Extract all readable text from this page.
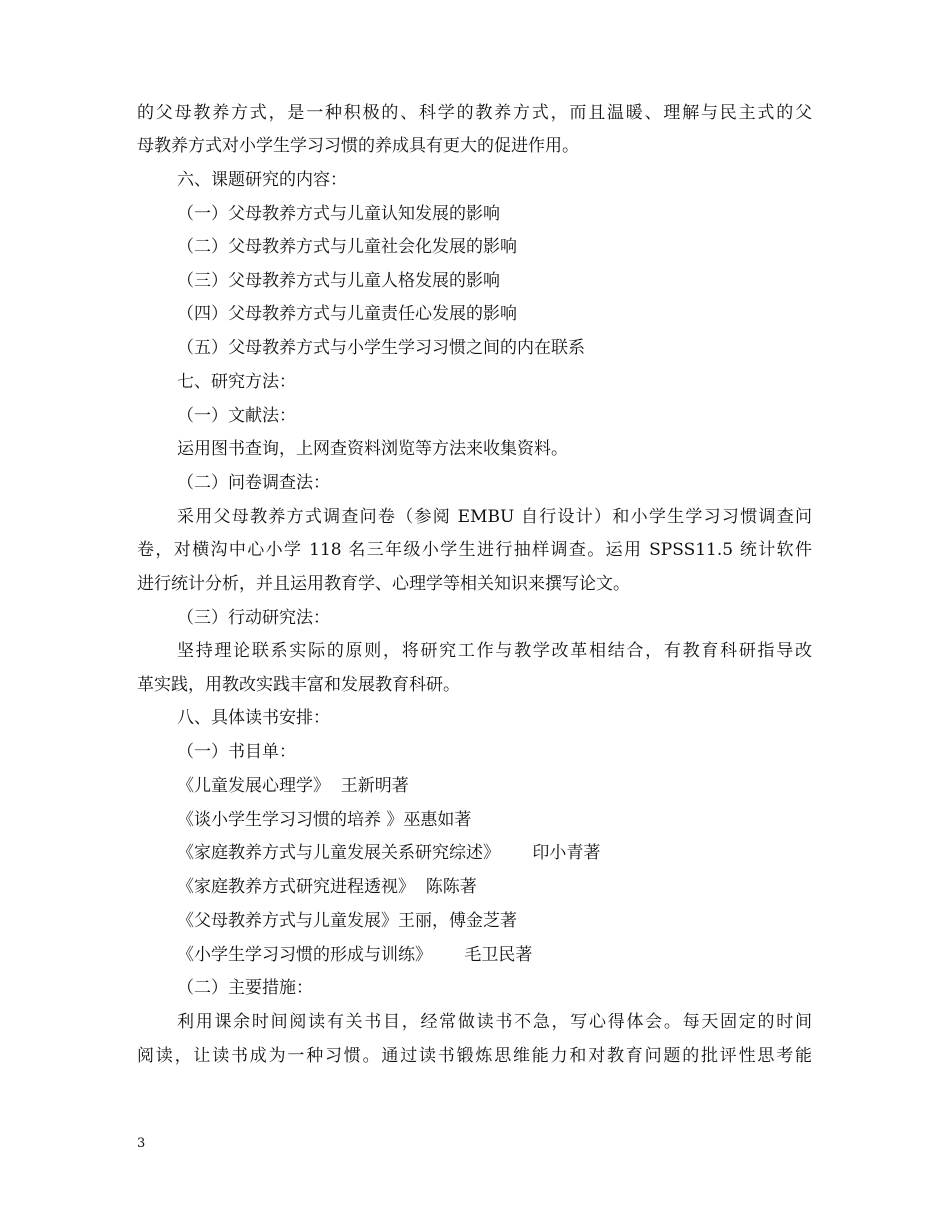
的父母教养方式，是一种积极的、科学的教养方式，而且温暖、理解与民主式的父
母教养方式对小学生学习习惯的养成具有更大的促进作用。
六、课题研究的内容：
（一）父母教养方式与儿童认知发展的影响
（二）父母教养方式与儿童社会化发展的影响
（三）父母教养方式与儿童人格发展的影响
（四）父母教养方式与儿童责任心发展的影响
（五）父母教养方式与小学生学习习惯之间的内在联系
七、研究方法：
（一）文献法：
运用图书查询，上网查资料浏览等方法来收集资料。
（二）问卷调查法：
采用父母教养方式调查问卷（参阅 EMBU 自行设计）和小学生学习习惯调查问
卷，对横沟中心小学 118 名三年级小学生进行抽样调查。运用 SPSS11.5 统计软件
进行统计分析，并且运用教育学、心理学等相关知识来撰写论文。
（三）行动研究法：
坚持理论联系实际的原则，将研究工作与教学改革相结合，有教育科研指导改
革实践，用教改实践丰富和发展教育科研。
八、具体读书安排：
（一）书目单：
《儿童发展心理学》  王新明著
《谈小学生学习习惯的培养 》巫惠如著
《家庭教养方式与儿童发展关系研究综述》      印小青著
《家庭教养方式研究进程透视》  陈陈著
《父母教养方式与儿童发展》王丽，傅金芝著
《小学生学习习惯的形成与训练》      毛卫民著
（二）主要措施：
利用课余时间阅读有关书目，经常做读书不急，写心得体会。每天固定的时间
阅读，让读书成为一种习惯。通过读书锻炼思维能力和对教育问题的批评性思考能
3
